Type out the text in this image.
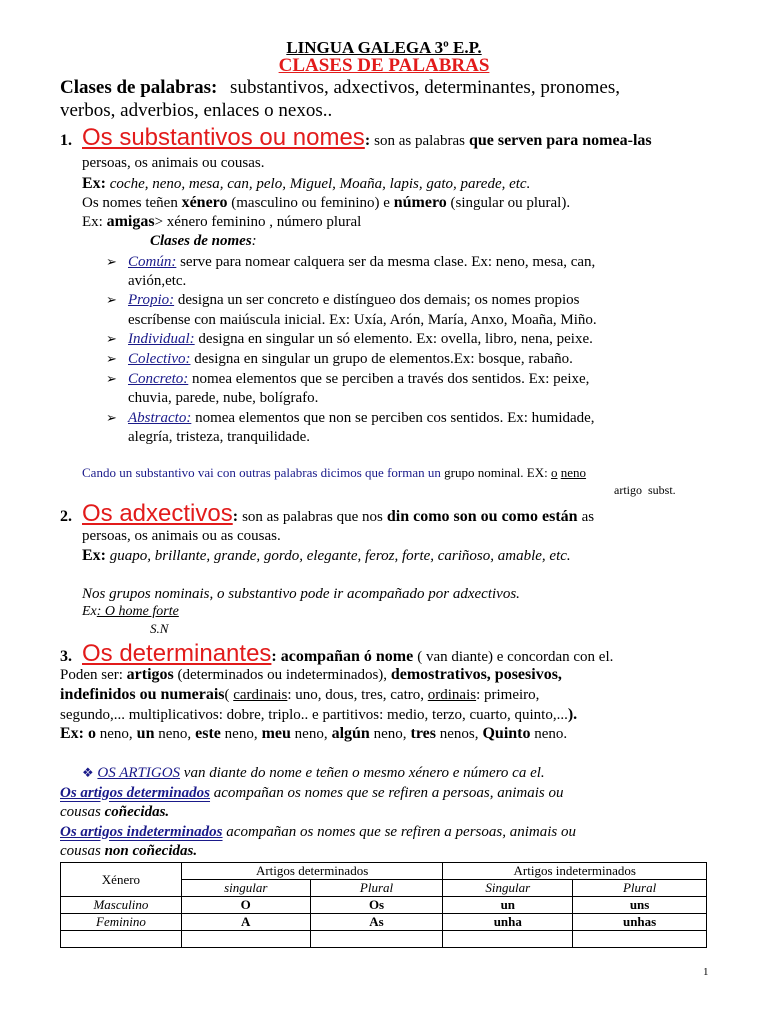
LINGUA GALEGA 3º E.P.
CLASES DE PALABRAS
Clases de palabras: substantivos, adxectivos, determinantes, pronomes,
verbos, adverbios, enlaces o nexos..
1. Os substantivos ou nomes: son as palabras que serven para nomea-las
persoas, os animais ou cousas.
Ex: coche, neno, mesa, can, pelo, Miguel, Moaña, lapis, gato, parede, etc.
Os nomes teñen xénero (masculino ou feminino) e número (singular ou plural).
Ex: amigas> xénero feminino , número plural
Clases de nomes:
➢ Común: serve para nomear calquera ser da mesma clase. Ex: neno, mesa, can,
avión,etc.
➢ Propio: designa un ser concreto e distíngueo dos demais; os nomes propios
escríbense con maiúscula inicial. Ex: Uxía, Arón, María, Anxo, Moaña, Miño.
➢ Individual: designa en singular un só elemento. Ex: ovella, libro, nena, peixe.
➢ Colectivo: designa en singular un grupo de elementos.Ex: bosque, rabaño.
➢ Concreto: nomea elementos que se perciben a través dos sentidos. Ex: peixe,
chuvia, parede, nube, bolígrafo.
➢ Abstracto: nomea elementos que non se perciben cos sentidos. Ex: humidade,
alegría, tristeza, tranquilidade.
Cando un substantivo vai con outras palabras dicimos que forman un grupo nominal. EX: o neno
artigo subst.
2. Os adxectivos: son as palabras que nos din como son ou como están as
persoas, os animais ou as cousas.
Ex: guapo, brillante, grande, gordo, elegante, feroz, forte, cariñoso, amable, etc.
Nos grupos nominais, o substantivo pode ir acompañado por adxectivos.
Ex: O home forte
S.N
3. Os determinantes: acompañan ó nome ( van diante) e concordan con el.
Poden ser: artigos (determinados ou indeterminados), demostrativos, posesivos,
indefinidos ou numerais( cardinais: uno, dous, tres, catro, ordinais: primeiro,
segundo,... multiplicativos: dobre, triplo.. e partitivos: medio, terzo, cuarto, quinto,...).
Ex: o neno, un neno, este neno, meu neno, algún neno, tres nenos, Quinto neno.
❖ OS ARTIGOS van diante do nome e teñen o mesmo xénero e número ca el.
Os artigos determinados acompañan os nomes que se refiren a persoas, animais ou
cousas coñecidas.
Os artigos indeterminados acompañan os nomes que se refiren a persoas, animais ou
cousas non coñecidas.
Xénero	Artigos determinados		Artigos indeterminados	
	singular	Plural	Singular	Plural
Masculino	O	Os	un	uns
Feminino	A	As	unha	unhas

1
